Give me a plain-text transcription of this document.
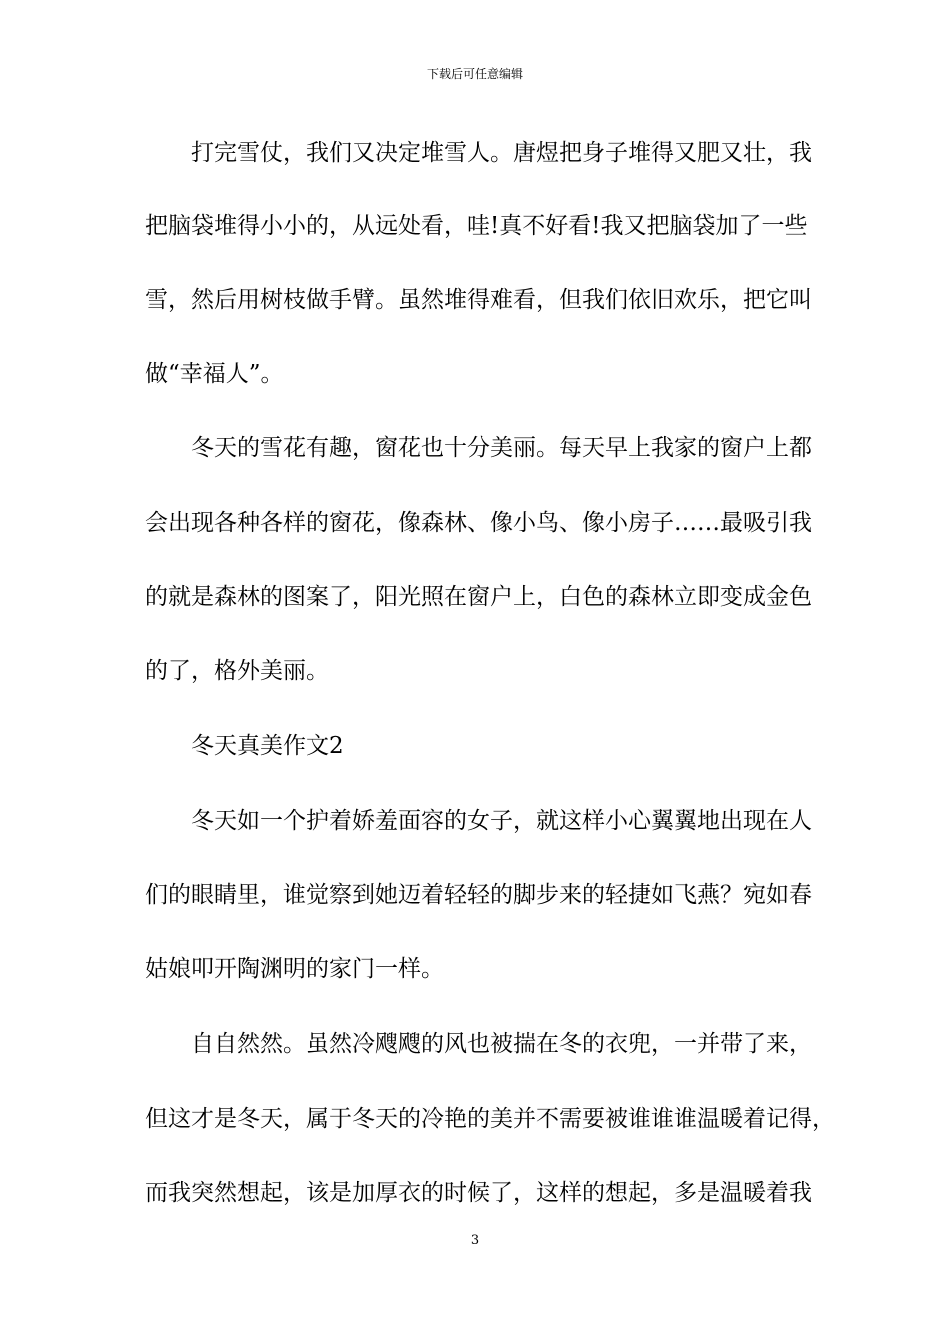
下载后可任意编辑
打完雪仗，我们又决定堆雪人。唐煜把身子堆得又肥又壮，我
把脑袋堆得小小的，从远处看，哇!真不好看!我又把脑袋加了一些
雪，然后用树枝做手臂。虽然堆得难看，但我们依旧欢乐，把它叫
做“幸福人”。
冬天的雪花有趣，窗花也十分美丽。每天早上我家的窗户上都
会出现各种各样的窗花，像森林、像小鸟、像小房子……最吸引我
的就是森林的图案了，阳光照在窗户上，白色的森林立即变成金色
的了，格外美丽。
冬天真美作文2
冬天如一个护着娇羞面容的女子，就这样小心翼翼地出现在人
们的眼睛里，谁觉察到她迈着轻轻的脚步来的轻捷如飞燕？宛如春
姑娘叩开陶渊明的家门一样。
自自然然。虽然冷飕飕的风也被揣在冬的衣兜，一并带了来，
但这才是冬天，属于冬天的冷艳的美并不需要被谁谁谁温暖着记得，
而我突然想起，该是加厚衣的时候了，这样的想起，多是温暖着我
3
